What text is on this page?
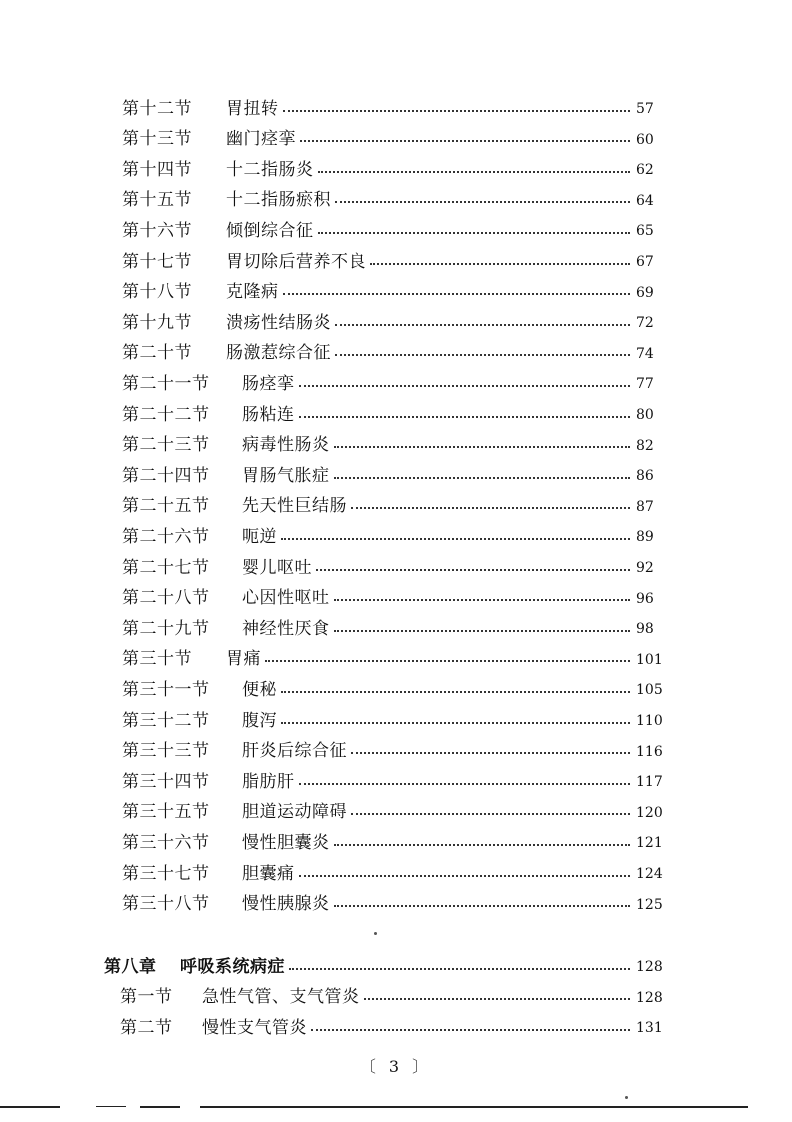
第十二节 胃扭转	57
第十三节 幽门痉挛	60
第十四节 十二指肠炎	62
第十五节 十二指肠瘀积	64
第十六节 倾倒综合征	65
第十七节 胃切除后营养不良	67
第十八节 克隆病	69
第十九节 溃疡性结肠炎	72
第二十节 肠激惹综合征	74
第二十一节 肠痉挛	77
第二十二节 肠粘连	80
第二十三节 病毒性肠炎	82
第二十四节 胃肠气胀症	86
第二十五节 先天性巨结肠	87
第二十六节 呃逆	89
第二十七节 婴儿呕吐	92
第二十八节 心因性呕吐	96
第二十九节 神经性厌食	98
第三十节 胃痛	101
第三十一节 便秘	105
第三十二节 腹泻	110
第三十三节 肝炎后综合征	116
第三十四节 脂肪肝	117
第三十五节 胆道运动障碍	120
第三十六节 慢性胆囊炎	121
第三十七节 胆囊痛	124
第三十八节 慢性胰腺炎	125
第八章 呼吸系统病症	128
第一节 急性气管、支气管炎	128
第二节 慢性支气管炎	131
〔 3 〕
